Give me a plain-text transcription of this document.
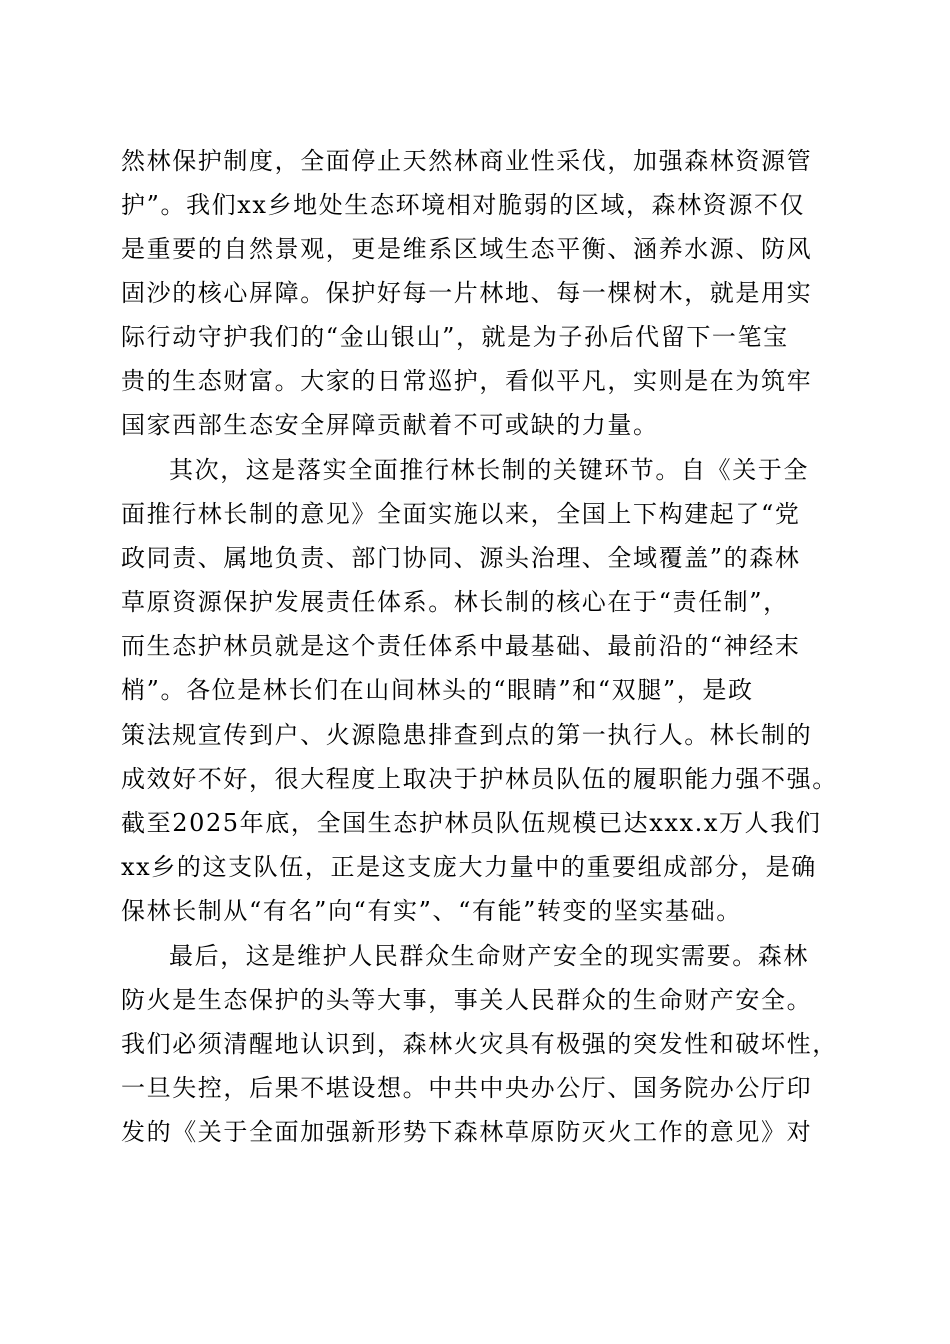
然林保护制度，全面停止天然林商业性采伐，加强森林资源管
护”。我们xx乡地处生态环境相对脆弱的区域，森林资源不仅
是重要的自然景观，更是维系区域生态平衡、涵养水源、防风
固沙的核心屏障。保护好每一片林地、每一棵树木，就是用实
际行动守护我们的“金山银山”，就是为子孙后代留下一笔宝
贵的生态财富。大家的日常巡护，看似平凡，实则是在为筑牢
国家西部生态安全屏障贡献着不可或缺的力量。
其次，这是落实全面推行林长制的关键环节。自《关于全
面推行林长制的意见》全面实施以来，全国上下构建起了“党
政同责、属地负责、部门协同、源头治理、全域覆盖”的森林
草原资源保护发展责任体系。林长制的核心在于“责任制”，
而生态护林员就是这个责任体系中最基础、最前沿的“神经末
梢”。各位是林长们在山间林头的“眼睛”和“双腿”，是政
策法规宣传到户、火源隐患排查到点的第一执行人。林长制的
成效好不好，很大程度上取决于护林员队伍的履职能力强不强。
截至2025年底，全国生态护林员队伍规模已达xxx.x万人我们
xx乡的这支队伍，正是这支庞大力量中的重要组成部分，是确
保林长制从“有名”向“有实”、“有能”转变的坚实基础。
最后，这是维护人民群众生命财产安全的现实需要。森林
防火是生态保护的头等大事，事关人民群众的生命财产安全。
我们必须清醒地认识到，森林火灾具有极强的突发性和破坏性，
一旦失控，后果不堪设想。中共中央办公厅、国务院办公厅印
发的《关于全面加强新形势下森林草原防灭火工作的意见》对
